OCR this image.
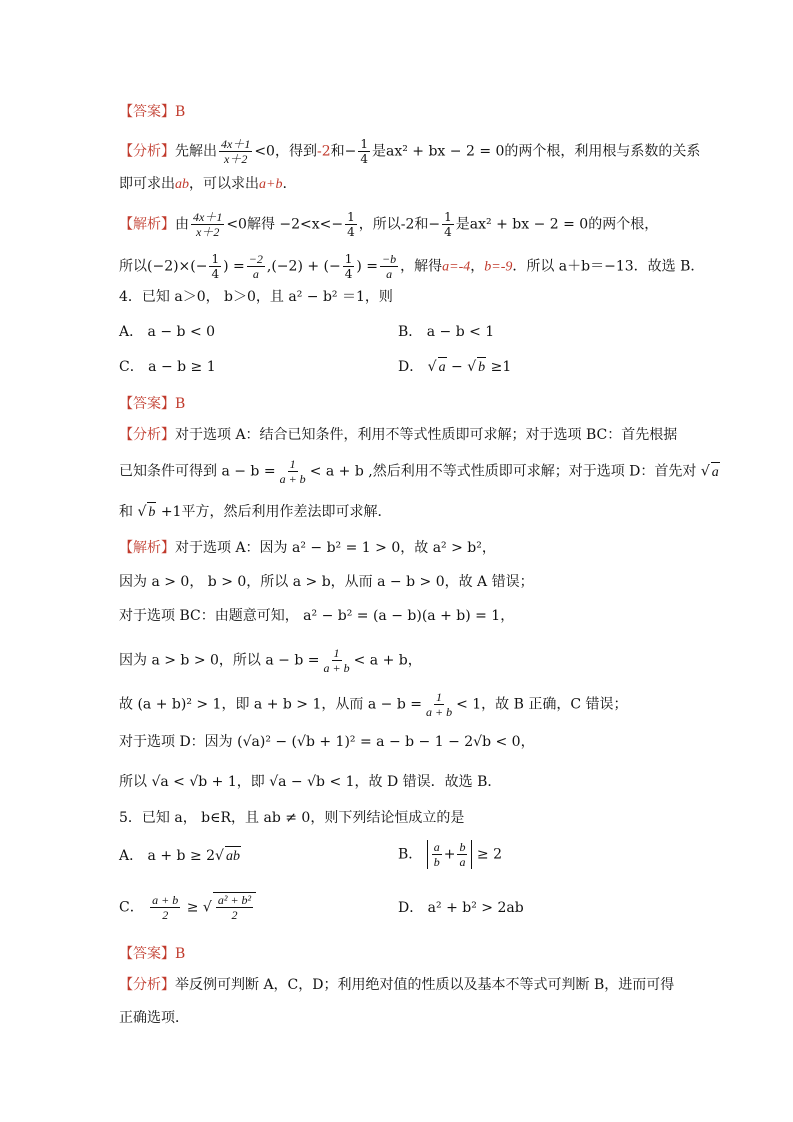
【答案】B
【分析】先解出 $\frac{4x+1}{x+2} <0$，得到-2和− $\frac{1}{4}$ 是ax² + bx − 2 = 0的两个根，利用根与系数的关系
即可求出ab，可以求出a+b.
【解析】由 $\frac{4x+1}{x+2} <0$解得 $-2<x<- \frac{1}{4}$ ，所以-2和− $\frac{1}{4}$ 是ax² + bx − 2 = 0的两个根，
所以$(-2)\times(- \frac{1}{4}$ ) = $\frac{-2}{a} ,(-2)$ + (− $\frac{1}{4}$ ) = $\frac{-b}{a}$ ，解得a=-4，b=-9．所以 a＋b＝−13．故选 B．
4．已知 a＞0， b＞0，且 a² − b² ＝1，则
A． a − b < 0	B． a − b < 1
C． a − b ≥ 1	D． √ a − √ b ≥1
【答案】B
【分析】对于选项 A：结合已知条件，利用不等式性质即可求解；对于选项 BC：首先根据
已知条件可得到 $a - b = \frac{1}{a + b} < a + b$ ,然后利用不等式性质即可求解；对于选项 D：首先对 √ a
和 √ b +1平方，然后利用作差法即可求解．
【解析】对于选项 A：因为 a² − b² = 1 > 0，故 a² > b²，
因为 a > 0， b > 0，所以 a > b，从而 a − b > 0，故 A 错误；
对于选项 BC：由题意可知， a² − b² = (a − b)(a + b) = 1，
因为 a > b > 0，所以 $a - b = \frac{1}{a + b} < a + b$，
故 (a + b)² > 1，即 a + b > 1，从而 $a - b = \frac{1}{a + b} < 1$，故 B 正确，C 错误；
对于选项 D：因为 (√a)² − (√b + 1)² = a − b − 1 − 2√b < 0，
所以 √a < √b + 1，即 √a − √b < 1，故 D 错误．故选 B．
5．已知 a， b∈R，且 ab ≠ 0，则下列结论恒成立的是
A． a + b ≥ 2√ ab	B． $\frac{a}{b} + \frac{b}{a} \ge 2$
C． $\frac{a + b}{2}$ ≥ √ $\frac{\text{a² + b²}}{2}$	D． a² + b² > 2ab
【答案】B
【分析】举反例可判断 A，C，D；利用绝对值的性质以及基本不等式可判断 B，进而可得
正确选项．
